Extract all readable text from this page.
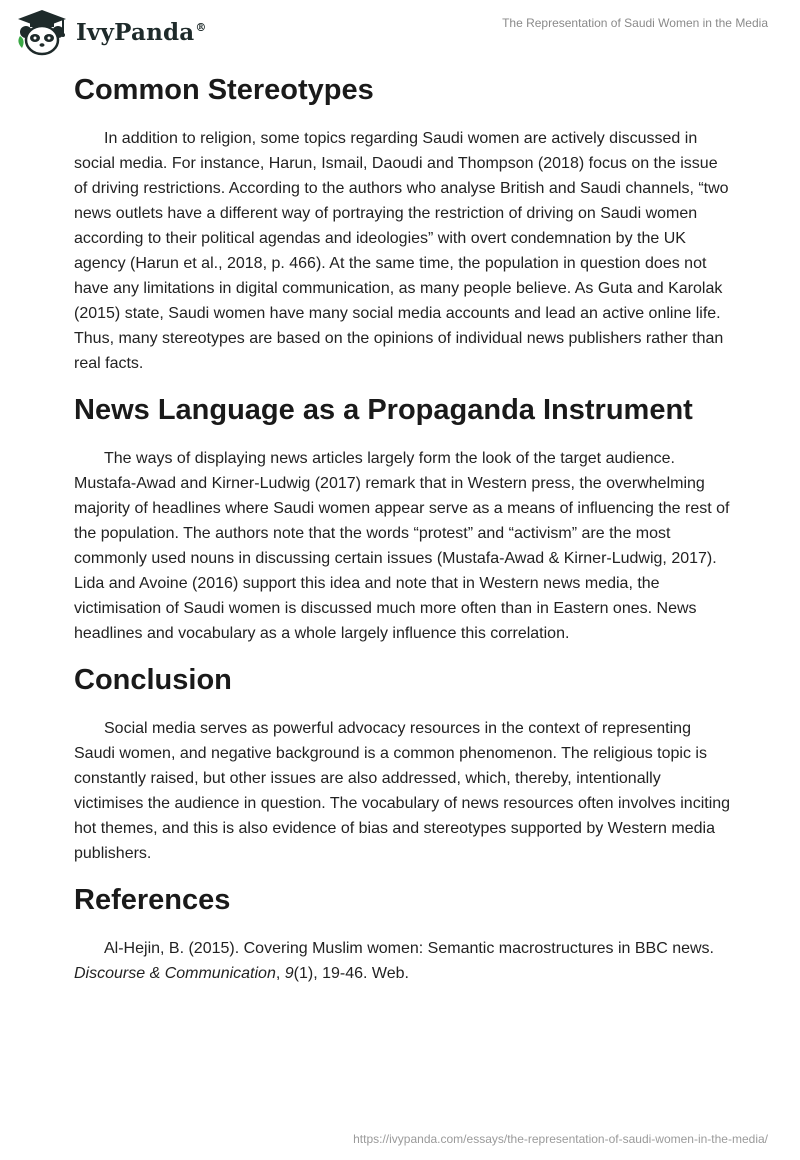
IvyPanda®	The Representation of Saudi Women in the Media
Common Stereotypes

In addition to religion, some topics regarding Saudi women are actively discussed in social media. For instance, Harun, Ismail, Daoudi and Thompson (2018) focus on the issue of driving restrictions. According to the authors who analyse British and Saudi channels, “two news outlets have a different way of portraying the restriction of driving on Saudi women according to their political agendas and ideologies” with overt condemnation by the UK agency (Harun et al., 2018, p. 466). At the same time, the population in question does not have any limitations in digital communication, as many people believe. As Guta and Karolak (2015) state, Saudi women have many social media accounts and lead an active online life. Thus, many stereotypes are based on the opinions of individual news publishers rather than real facts.

News Language as a Propaganda Instrument

The ways of displaying news articles largely form the look of the target audience. Mustafa-Awad and Kirner-Ludwig (2017) remark that in Western press, the overwhelming majority of headlines where Saudi women appear serve as a means of influencing the rest of the population. The authors note that the words “protest” and “activism” are the most commonly used nouns in discussing certain issues (Mustafa-Awad & Kirner-Ludwig, 2017). Lida and Avoine (2016) support this idea and note that in Western news media, the victimisation of Saudi women is discussed much more often than in Eastern ones. News headlines and vocabulary as a whole largely influence this correlation.

Conclusion

Social media serves as powerful advocacy resources in the context of representing Saudi women, and negative background is a common phenomenon. The religious topic is constantly raised, but other issues are also addressed, which, thereby, intentionally victimises the audience in question. The vocabulary of news resources often involves inciting hot themes, and this is also evidence of bias and stereotypes supported by Western media publishers.

References

Al-Hejin, B. (2015). Covering Muslim women: Semantic macrostructures in BBC news. Discourse & Communication, 9(1), 19-46. Web.

https://ivypanda.com/essays/the-representation-of-saudi-women-in-the-media/
